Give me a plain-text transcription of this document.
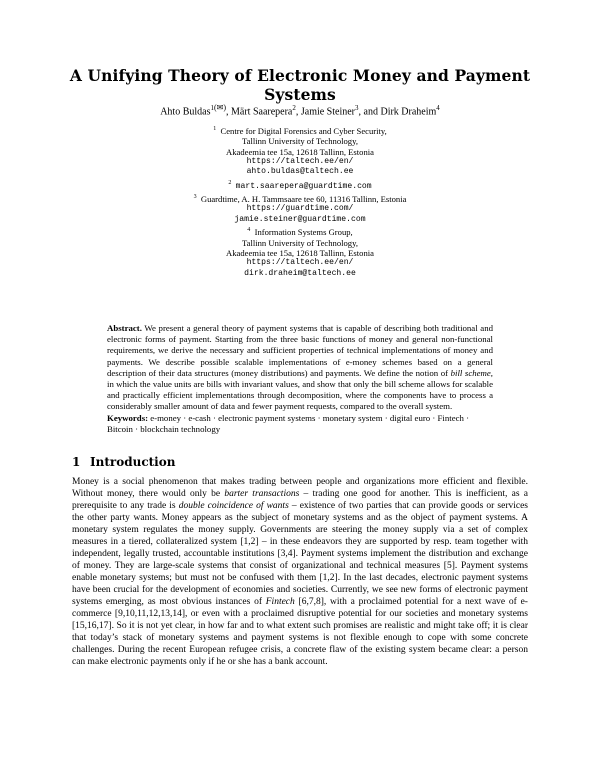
A Unifying Theory of Electronic Money and Payment Systems
Ahto Buldas$^{1(✉)}$, Märt Saarepera$^2$, Jamie Steiner$^3$, and Dirk Draheim$^4$
$^1$ Centre for Digital Forensics and Cyber Security,
Tallinn University of Technology,
Akadeemia tee 15a, 12618 Tallinn, Estonia
https://taltech.ee/en/
ahto.buldas@taltech.ee
$^2$ mart.saarepera@guardtime.com
$^3$ Guardtime, A. H. Tammsaare tee 60, 11316 Tallinn, Estonia
https://guardtime.com/
jamie.steiner@guardtime.com
$^4$ Information Systems Group,
Tallinn University of Technology,
Akadeemia tee 15a, 12618 Tallinn, Estonia
https://taltech.ee/en/
dirk.draheim@taltech.ee
Abstract. We present a general theory of payment systems that is capable of describing both traditional and electronic forms of payment. Starting from the three basic functions of money and general non-functional requirements, we derive the necessary and sufficient properties of technical implementations of money and payments. We describe possible scalable implementations of e-money schemes based on a general description of their data structures (money distributions) and payments. We define the notion of bill scheme, in which the value units are bills with invariant values, and show that only the bill scheme allows for scalable and practically efficient implementations through decomposition, where the components have to process a considerably smaller amount of data and fewer payment requests, compared to the overall system.
Keywords: e-money · e-cash · electronic payment systems · monetary system · digital euro · Fintech · Bitcoin · blockchain technology
1 Introduction
Money is a social phenomenon that makes trading between people and organizations more efficient and flexible. Without money, there would only be barter transactions – trading one good for another. This is inefficient, as a prerequisite to any trade is double coincidence of wants – existence of two parties that can provide goods or services the other party wants. Money appears as the subject of monetary systems and as the object of payment systems. A monetary system regulates the money supply. Governments are steering the money supply via a set of complex measures in a tiered, collateralized system [1,2] – in these endeavors they are supported by resp. team together with independent, legally trusted, accountable institutions [3,4]. Payment systems implement the distribution and exchange of money. They are large-scale systems that consist of organizational and technical measures [5]. Payment systems enable monetary systems; but must not be confused with them [1,2]. In the last decades, electronic payment systems have been crucial for the development of economies and societies. Currently, we see new forms of electronic payment systems emerging, as most obvious instances of Fintech [6,7,8], with a proclaimed potential for a next wave of e-commerce [9,10,11,12,13,14], or even with a proclaimed disruptive potential for our societies and monetary systems [15,16,17]. So it is not yet clear, in how far and to what extent such promises are realistic and might take off; it is clear that today’s stack of monetary systems and payment systems is not flexible enough to cope with some concrete challenges. During the recent European refugee crisis, a concrete flaw of the existing system became clear: a person can make electronic payments only if he or she has a bank account.
